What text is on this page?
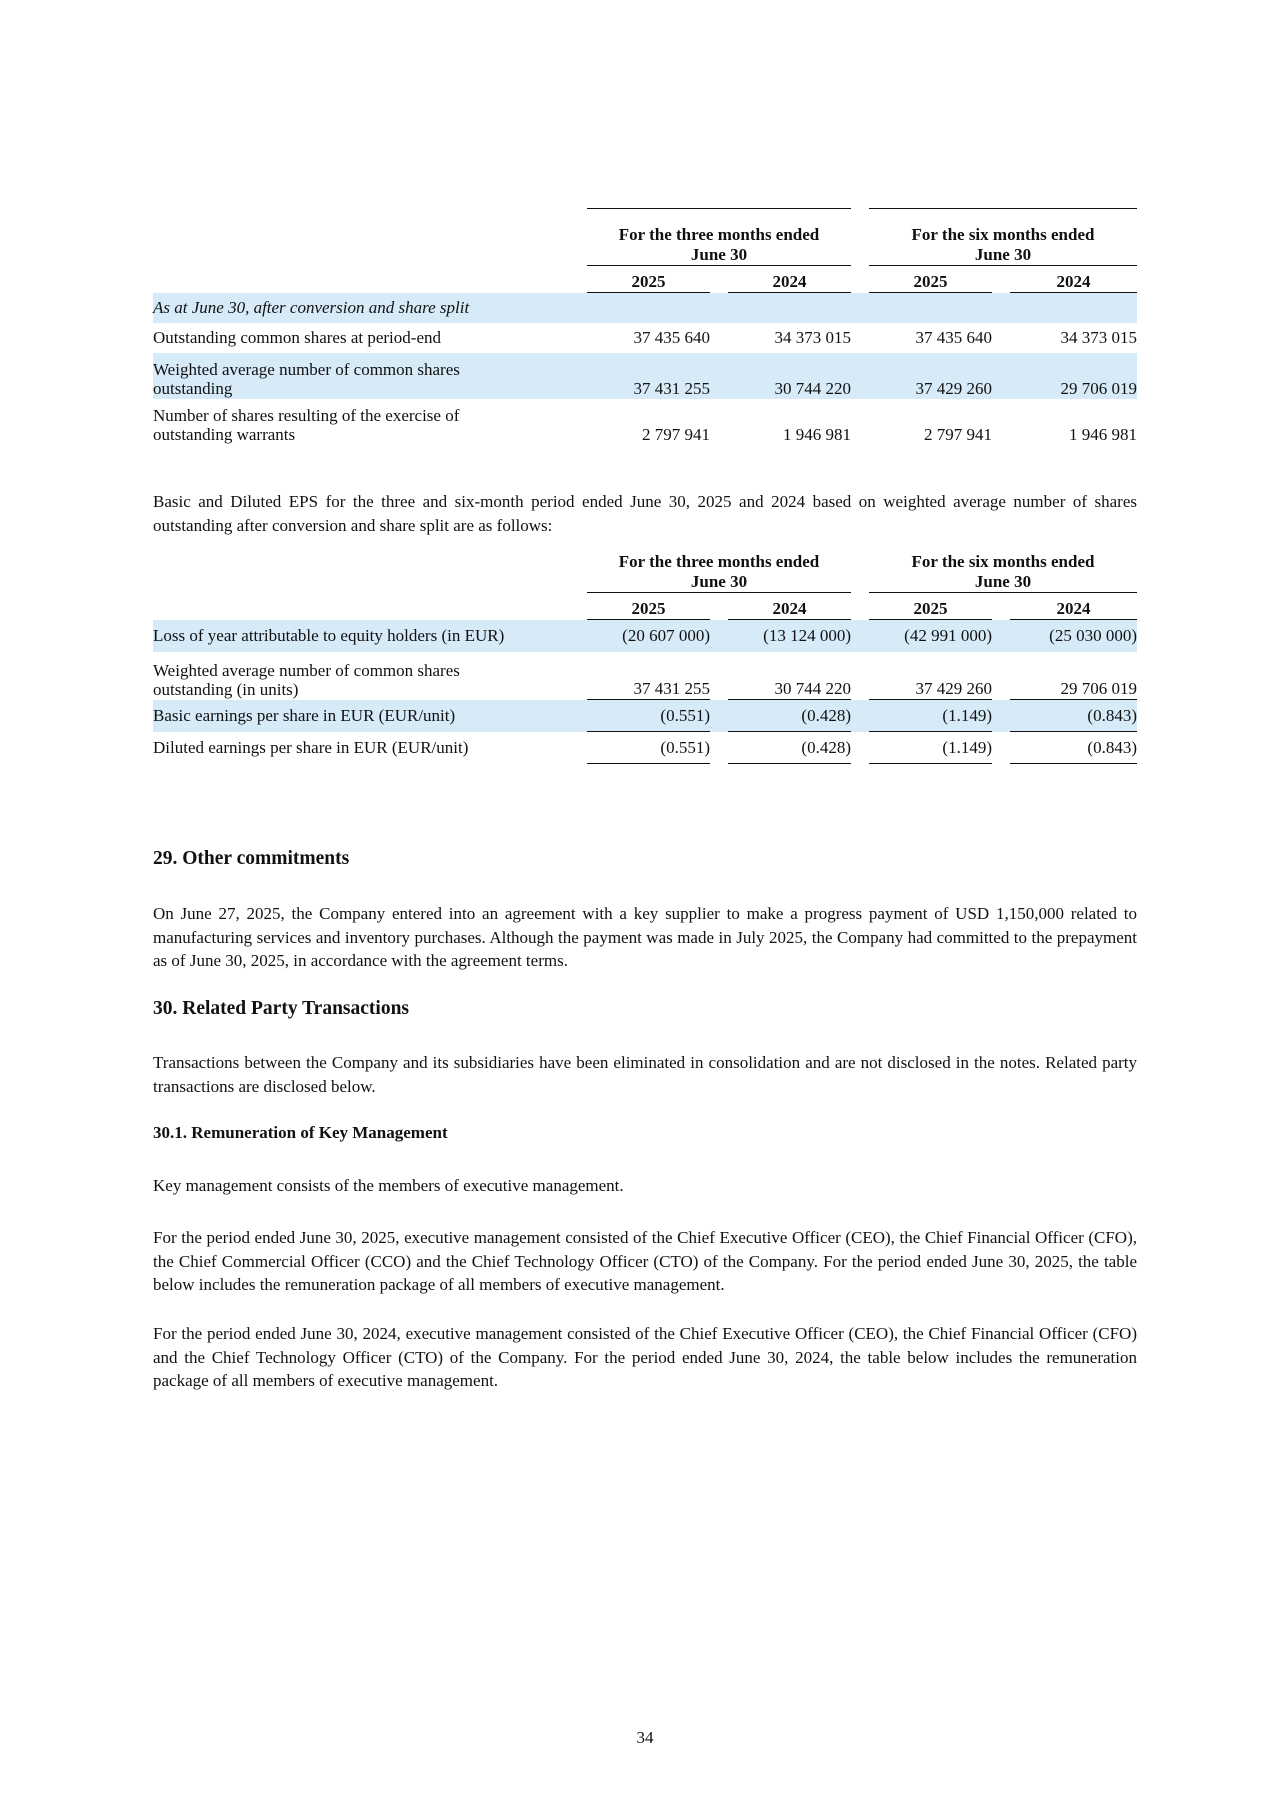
		For the three months ended
June 30				For the six months ended
June 30		
		2025		2024		2025		2024
As at June 30, after conversion and share split								
Outstanding common shares at period-end		37 435 640		34 373 015		37 435 640		34 373 015
Weighted average number of common shares
outstanding		37 431 255		30 744 220		37 429 260		29 706 019
Number of shares resulting of the exercise of
outstanding warrants		2 797 941		1 946 981		2 797 941		1 946 981

Basic and Diluted EPS for the three and six-month period ended June 30, 2025 and 2024 based on weighted average number of shares outstanding after conversion and share split are as follows:

		For the three months ended
June 30				For the six months ended
June 30		
		2025		2024		2025		2024
Loss of year attributable to equity holders (in EUR)		(20 607 000)		(13 124 000)		(42 991 000)		(25 030 000)
Weighted average number of common shares
outstanding (in units)		37 431 255		30 744 220		37 429 260		29 706 019
Basic earnings per share in EUR (EUR/unit)		(0.551)		(0.428)		(1.149)		(0.843)
Diluted earnings per share in EUR (EUR/unit)		(0.551)		(0.428)		(1.149)		(0.843)
29. Other commitments

On June 27, 2025, the Company entered into an agreement with a key supplier to make a progress payment of USD 1,150,000 related to manufacturing services and inventory purchases. Although the payment was made in July 2025, the Company had committed to the prepayment as of June 30, 2025, in accordance with the agreement terms.

30. Related Party Transactions

Transactions between the Company and its subsidiaries have been eliminated in consolidation and are not disclosed in the notes. Related party transactions are disclosed below.

30.1. Remuneration of Key Management

Key management consists of the members of executive management.

For the period ended June 30, 2025, executive management consisted of the Chief Executive Officer (CEO), the Chief Financial Officer (CFO), the Chief Commercial Officer (CCO) and the Chief Technology Officer (CTO) of the Company. For the period ended June 30, 2025, the table below includes the remuneration package of all members of executive management.

For the period ended June 30, 2024, executive management consisted of the Chief Executive Officer (CEO), the Chief Financial Officer (CFO) and the Chief Technology Officer (CTO) of the Company. For the period ended June 30, 2024, the table below includes the remuneration package of all members of executive management.

34
